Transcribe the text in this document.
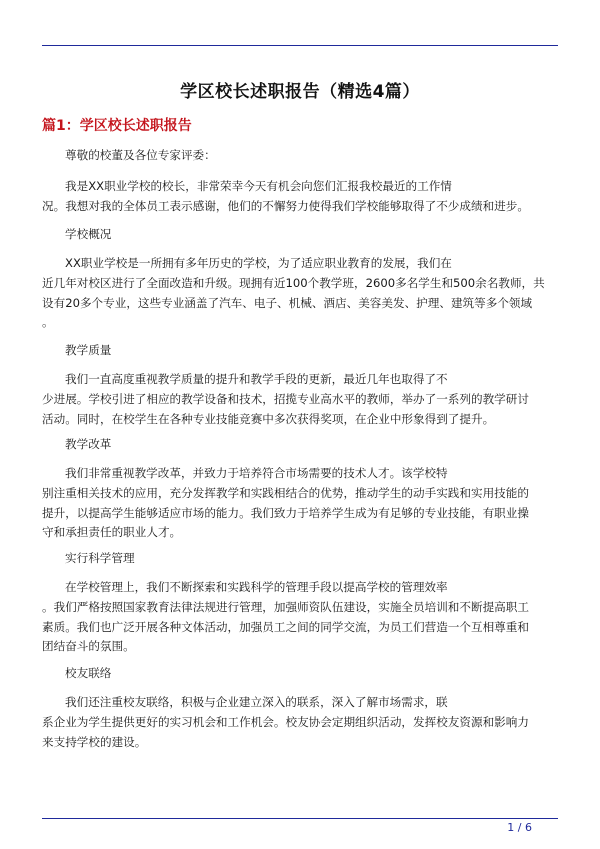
学区校长述职报告（精选4篇）
篇1：学区校长述职报告
尊敬的校董及各位专家评委：
我是XX职业学校的校长，非常荣幸今天有机会向您们汇报我校最近的工作情
况。我想对我的全体员工表示感谢，他们的不懈努力使得我们学校能够取得了不少成绩和进步。
学校概况
XX职业学校是一所拥有多年历史的学校，为了适应职业教育的发展，我们在
近几年对校区进行了全面改造和升级。现拥有近100个教学班，2600多名学生和500余名教师，共
设有20多个专业，这些专业涵盖了汽车、电子、机械、酒店、美容美发、护理、建筑等多个领域
。
教学质量
我们一直高度重视教学质量的提升和教学手段的更新，最近几年也取得了不
少进展。学校引进了相应的教学设备和技术，招揽专业高水平的教师，举办了一系列的教学研讨
活动。同时，在校学生在各种专业技能竞赛中多次获得奖项，在企业中形象得到了提升。
教学改革
我们非常重视教学改革，并致力于培养符合市场需要的技术人才。该学校特
别注重相关技术的应用，充分发挥教学和实践相结合的优势，推动学生的动手实践和实用技能的
提升，以提高学生能够适应市场的能力。我们致力于培养学生成为有足够的专业技能，有职业操
守和承担责任的职业人才。
实行科学管理
在学校管理上，我们不断探索和实践科学的管理手段以提高学校的管理效率
。我们严格按照国家教育法律法规进行管理，加强师资队伍建设，实施全员培训和不断提高职工
素质。我们也广泛开展各种文体活动，加强员工之间的同学交流，为员工们营造一个互相尊重和
团结奋斗的氛围。
校友联络
我们还注重校友联络，积极与企业建立深入的联系，深入了解市场需求，联
系企业为学生提供更好的实习机会和工作机会。校友协会定期组织活动，发挥校友资源和影响力
来支持学校的建设。
1 / 6
